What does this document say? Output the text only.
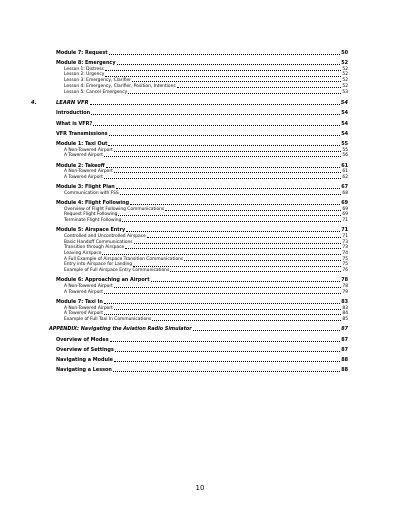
Module 7: Request	50
Module 8: Emergency	52
Lesson 1: Distress	52
Lesson 2: Urgency	52
Lesson 3: Emergency, Clarifier	52
Lesson 4: Emergency, Clarifier, Position, Intentions	52
Lesson 5: Cancel Emergency	53
4.	LEARN VFR	54
Introduction	54
What is VFR?	54
VFR Transmissions	54
Module 1: Taxi Out	55
A Non-Towered Airport	55
A Towered Airport	56
Module 2: Takeoff	61
A Non-Towered Airport	61
A Towered Airport	62
Module 3: Flight Plan	67
Communication with FSS	68
Module 4: Flight Following	69
Overview of Flight Following Communications	69
Request Flight Following	69
Terminate Flight Following	71
Module 5: Airspace Entry	71
Controlled and Uncontrolled Airspace	71
Basic Handoff Communications	73
Transition through Airspace	73
Leaving Airspace	74
A Full Example of Airspace Transition Communications	75
Entry into Airspace for Landing	75
Example of Full Airspace Entry Communications	76
Module 6: Approaching an Airport	78
A Non-Towered Airport	78
A Towered Airport	79
Module 7: Taxi In	83
A Non-Towered Airport	83
A Towered Airport	84
Example of Full Taxi In Communications	85
APPENDIX: Navigating the Aviation Radio Simulator	87
Overview of Modes	87
Overview of Settings	87
Navigating a Module	88
Navigating a Lesson	88
10
